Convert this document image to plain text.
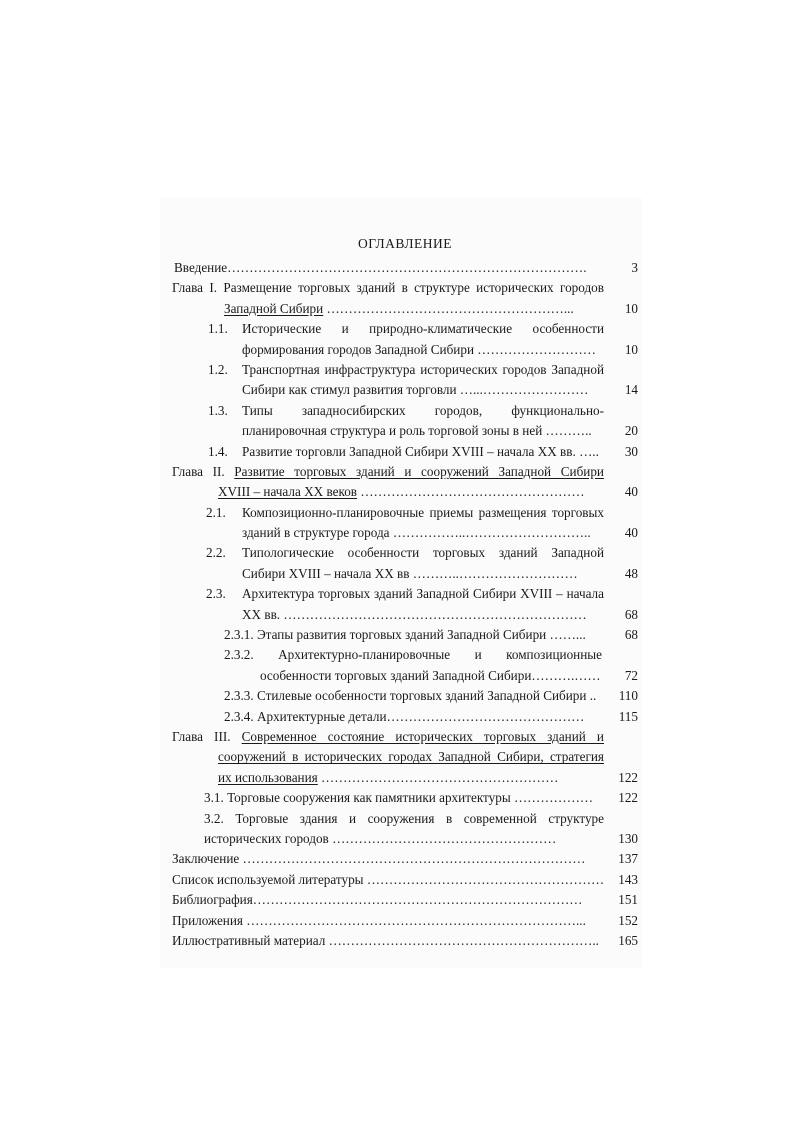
ОГЛАВЛЕНИЕ
Введение……………………………………………………………………….	3
Глава I. Размещение торговых зданий в структуре исторических городов
Западной Сибири ………………………………………………...	10
1.1. Исторические и природно-климатические особенности
формирования городов Западной Сибири ………………………	10
1.2. Транспортная инфраструктура исторических городов Западной
Сибири как стимул развития торговли …...……………………	14
1.3. Типы западносибирских городов, функционально-
планировочная структура и роль торговой зоны в ней ………..	20
1.4. Развитие торговли Западной Сибири XVIII – начала XX вв. …..	30
Глава II. Развитие торговых зданий и сооружений Западной Сибири
XVIII – начала XX веков ……………………………………………	40
2.1. Композиционно-планировочные приемы размещения торговых
зданий в структуре города ……………..………………………..	40
2.2. Типологические особенности торговых зданий Западной
Сибири XVIII – начала XX вв ………..………………………	48
2.3. Архитектура торговых зданий Западной Сибири XVIII – начала
XX вв. ……………………………………………………………	68
2.3.1. Этапы развития торговых зданий Западной Сибири ……...	68
2.3.2. Архитектурно-планировочные и композиционные
особенности торговых зданий Западной Сибири……….……	72
2.3.3. Стилевые особенности торговых зданий Западной Сибири ..	110
2.3.4. Архитектурные детали………………………………………	115
Глава III. Современное состояние исторических торговых зданий и
сооружений в исторических городах Западной Сибири, стратегия
их использования ………………………………………………	122
3.1. Торговые сооружения как памятники архитектуры ………………	122
3.2. Торговые здания и сооружения в современной структуре
исторических городов ……………………………………………	130
Заключение ……………………………………………………………………	137
Список используемой литературы ………………………………………………	143
Библиография…………………………………………………………………	151
Приложения …………………………………………………………………...	152
Иллюстративный материал ……………………………………………………..	165
